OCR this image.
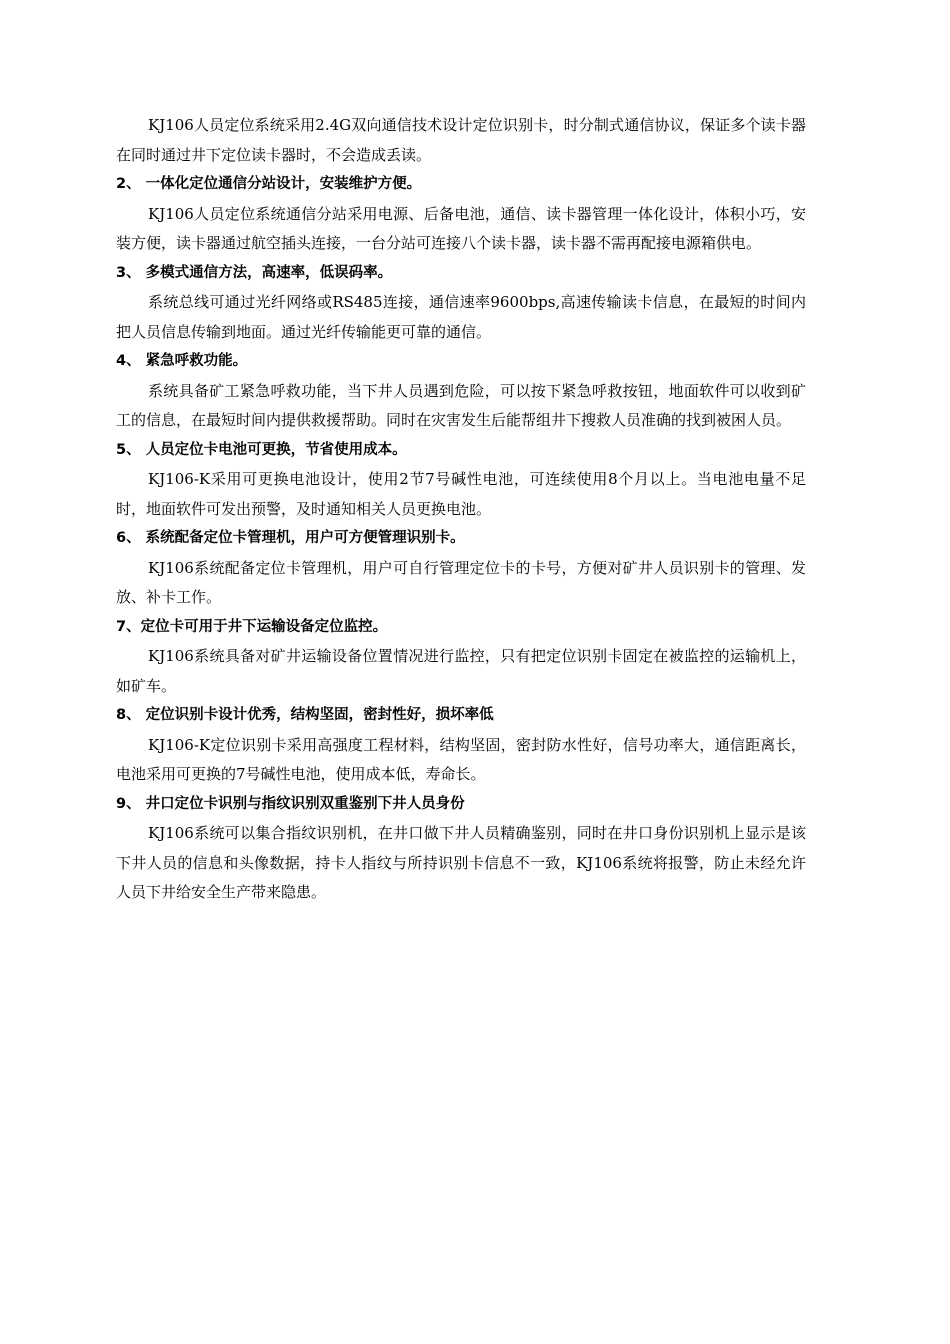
KJ106人员定位系统采用2.4G双向通信技术设计定位识别卡，时分制式通信协议，保证多个读卡器在同时通过井下定位读卡器时，不会造成丢读。

2、 一体化定位通信分站设计，安装维护方便。

KJ106人员定位系统通信分站采用电源、后备电池，通信、读卡器管理一体化设计，体积小巧，安装方便，读卡器通过航空插头连接，一台分站可连接八个读卡器，读卡器不需再配接电源箱供电。

3、 多模式通信方法，高速率，低误码率。

系统总线可通过光纤网络或RS485连接，通信速率9600bps,高速传输读卡信息，在最短的时间内把人员信息传输到地面。通过光纤传输能更可靠的通信。

4、 紧急呼救功能。

系统具备矿工紧急呼救功能，当下井人员遇到危险，可以按下紧急呼救按钮，地面软件可以收到矿工的信息，在最短时间内提供救援帮助。同时在灾害发生后能帮组井下搜救人员准确的找到被困人员。

5、 人员定位卡电池可更换，节省使用成本。

KJ106-K采用可更换电池设计，使用2节7号碱性电池，可连续使用8个月以上。当电池电量不足时，地面软件可发出预警，及时通知相关人员更换电池。

6、 系统配备定位卡管理机，用户可方便管理识别卡。

KJ106系统配备定位卡管理机，用户可自行管理定位卡的卡号，方便对矿井人员识别卡的管理、发放、补卡工作。

7、定位卡可用于井下运输设备定位监控。

KJ106系统具备对矿井运输设备位置情况进行监控，只有把定位识别卡固定在被监控的运输机上，如矿车。

8、 定位识别卡设计优秀，结构坚固，密封性好，损坏率低

KJ106-K定位识别卡采用高强度工程材料，结构坚固，密封防水性好，信号功率大，通信距离长，电池采用可更换的7号碱性电池，使用成本低，寿命长。

9、 井口定位卡识别与指纹识别双重鉴别下井人员身份

KJ106系统可以集合指纹识别机，在井口做下井人员精确鉴别，同时在井口身份识别机上显示是该下井人员的信息和头像数据，持卡人指纹与所持识别卡信息不一致，KJ106系统将报警，防止未经允许人员下井给安全生产带来隐患。
